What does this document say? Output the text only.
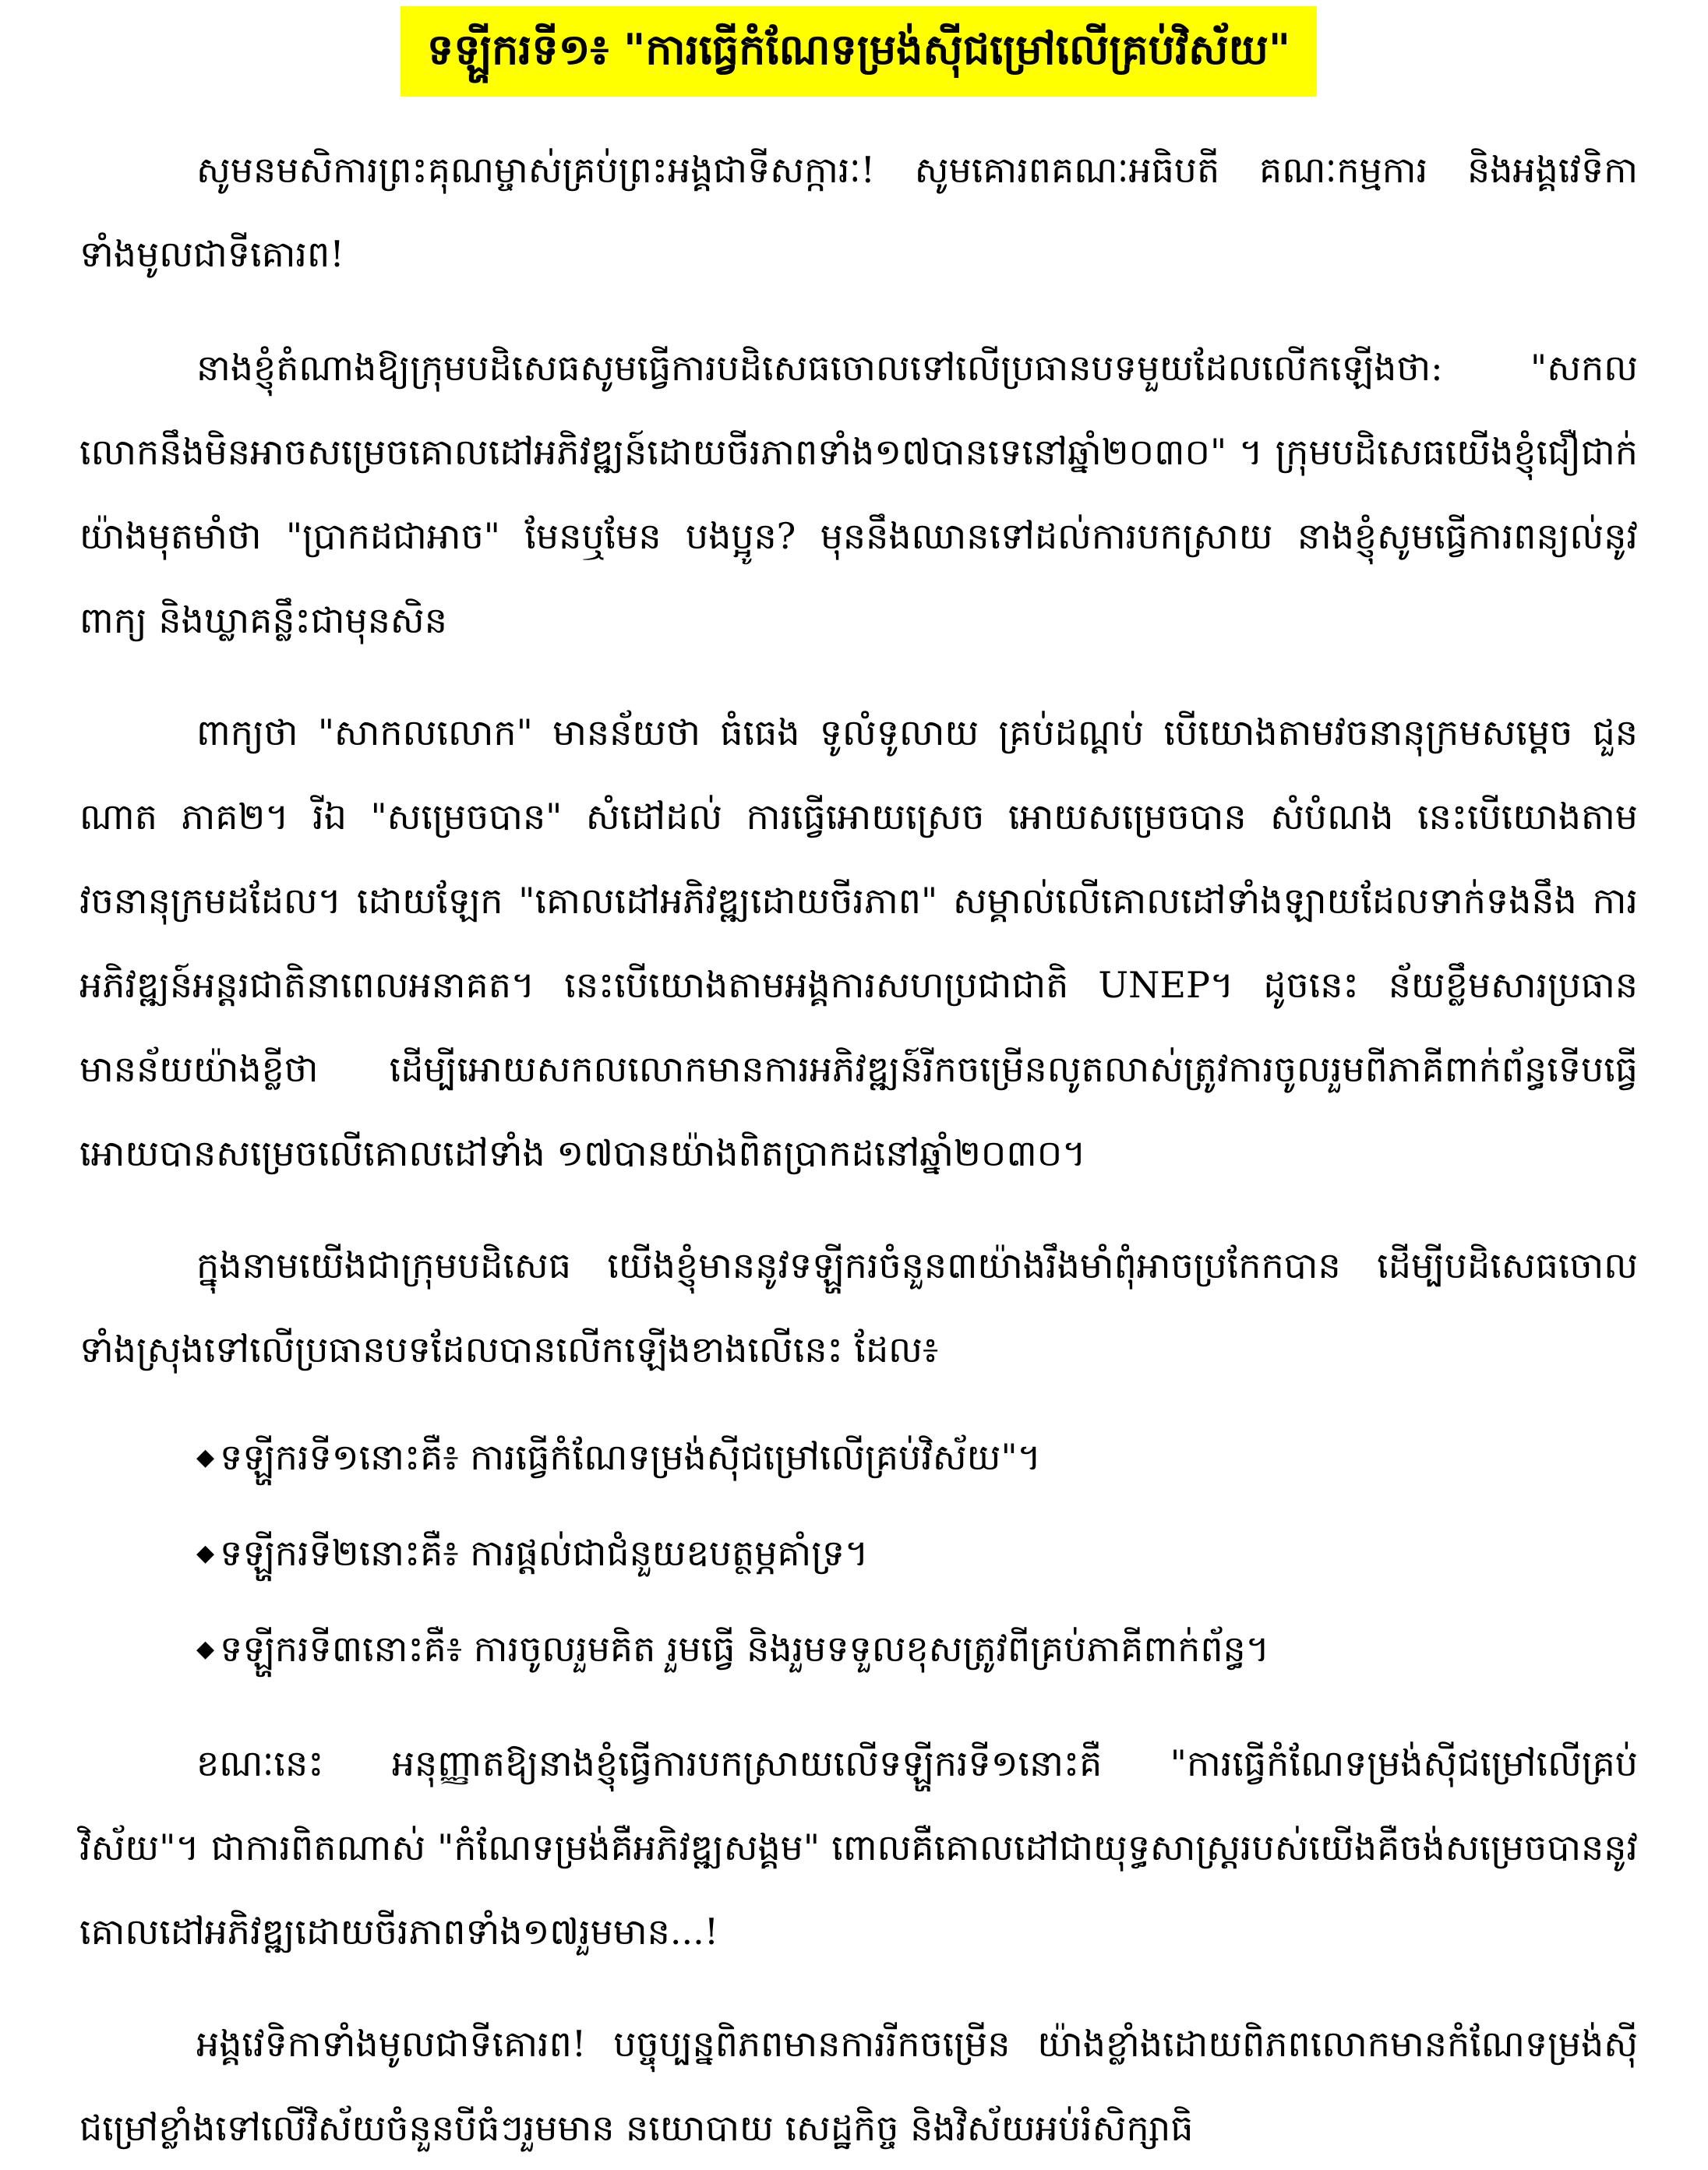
ទឡ្ហីករទី១៖ "ការធ្វើកំណែទម្រង់ស៊ីជម្រៅលើគ្រប់វិស័យ"

សូមនមសិការព្រះគុណម្ចាស់គ្រប់ព្រះអង្គជាទីសក្ការៈ! សូមគោរពគណៈអធិបតី គណៈកម្មការ និងអង្គវេទិកាទាំងមូលជាទីគោរព!

នាងខ្ញុំតំណាងឱ្យក្រុមបដិសេធសូមធ្វើការបដិសេធចោលទៅលើប្រធានបទមួយដែលលើកឡើងថា: "សកលលោកនឹងមិនអាចសម្រេចគោលដៅអភិវឌ្ឍន៍ដោយចីរភាពទាំង១៧បានទេនៅឆ្នាំ២០៣០" ។ ក្រុមបដិសេធយើងខ្ញុំជឿជាក់យ៉ាងមុតមាំថា "ប្រាកដជាអាច" មែនឬមែន បងប្អូន? មុននឹងឈានទៅដល់ការបកស្រាយ នាងខ្ញុំសូមធ្វើការពន្យល់នូវពាក្យ និងឃ្លាគន្លឹះជាមុនសិន

ពាក្យថា "សាកលលោក" មានន័យថា ធំធេង ទូលំទូលាយ គ្រប់ដណ្ដប់ បើយោងតាមវចនានុក្រមសម្ដេច ជួន ណាត ភាគ២។ រីឯ "សម្រេចបាន" សំដៅដល់ ការធ្វើអោយស្រេច អោយសម្រេចបាន សំបំណង នេះបើយោងតាម វចនានុក្រមដដែល។ ដោយឡែក "គោលដៅអភិវឌ្ឍដោយចីរភាព" សម្គាល់លើគោលដៅទាំងឡាយដែលទាក់ទងនឹង ការអភិវឌ្ឍន៍អន្តរជាតិនាពេលអនាគត។ នេះបើយោងតាមអង្គការសហប្រជាជាតិ UNEP។ ដូចនេះ ន័យខ្លឹមសារប្រធានមានន័យយ៉ាងខ្លីថា ដើម្បីអោយសកលលោកមានការអភិវឌ្ឍន៍រីកចម្រើនលូតលាស់ត្រូវការចូលរួមពីភាគីពាក់ព័ន្ធទើបធ្វើអោយបានសម្រេចលើគោលដៅទាំង ១៧បានយ៉ាងពិតប្រាកដនៅឆ្នាំ២០៣០។

ក្នុងនាមយើងជាក្រុមបដិសេធ យើងខ្ញុំមាននូវទឡ្ហីករចំនួន៣យ៉ាងរឹងមាំពុំអាចប្រកែកបាន ដើម្បីបដិសេធចោលទាំងស្រុងទៅលើប្រធានបទដែលបានលើកឡើងខាងលើនេះ ដែល៖

◆ ទឡ្ហីករទី១នោះគឺ៖ ការធ្វើកំណែទម្រង់ស៊ីជម្រៅលើគ្រប់វិស័យ"។
◆ ទឡ្ហីករទី២នោះគឺ៖ ការផ្ដល់ជាជំនួយឧបត្ថម្ភគាំទ្រ។
◆ ទឡ្ហីករទី៣នោះគឺ៖ ការចូលរួមគិត រួមធ្វើ និងរួមទទួលខុសត្រូវពីគ្រប់ភាគីពាក់ព័ន្ធ។

ខណៈនេះ អនុញ្ញាតឱ្យនាងខ្ញុំធ្វើការបកស្រាយលើទឡ្ហីករទី១នោះគឺ "ការធ្វើកំណែទម្រង់ស៊ីជម្រៅលើគ្រប់ វិស័យ"។ ជាការពិតណាស់ "កំណែទម្រង់គឺអភិវឌ្ឍសង្គម" ពោលគឺគោលដៅជាយុទ្ធសាស្ត្ររបស់យើងគឺចង់សម្រេចបាននូវគោលដៅអភិវឌ្ឍដោយចីរភាពទាំង១៧រួមមាន...!

អង្គវេទិកាទាំងមូលជាទីគោរព! បច្ចុប្បន្នពិភពមានការរីកចម្រើន យ៉ាងខ្លាំងដោយពិភពលោកមានកំណែទម្រង់ស៊ីជម្រៅខ្លាំងទៅលើវិស័យចំនួនបីធំៗរួមមាន នយោបាយ សេដ្ឋកិច្ច និងវិស័យអប់រំសិក្សាធិ
